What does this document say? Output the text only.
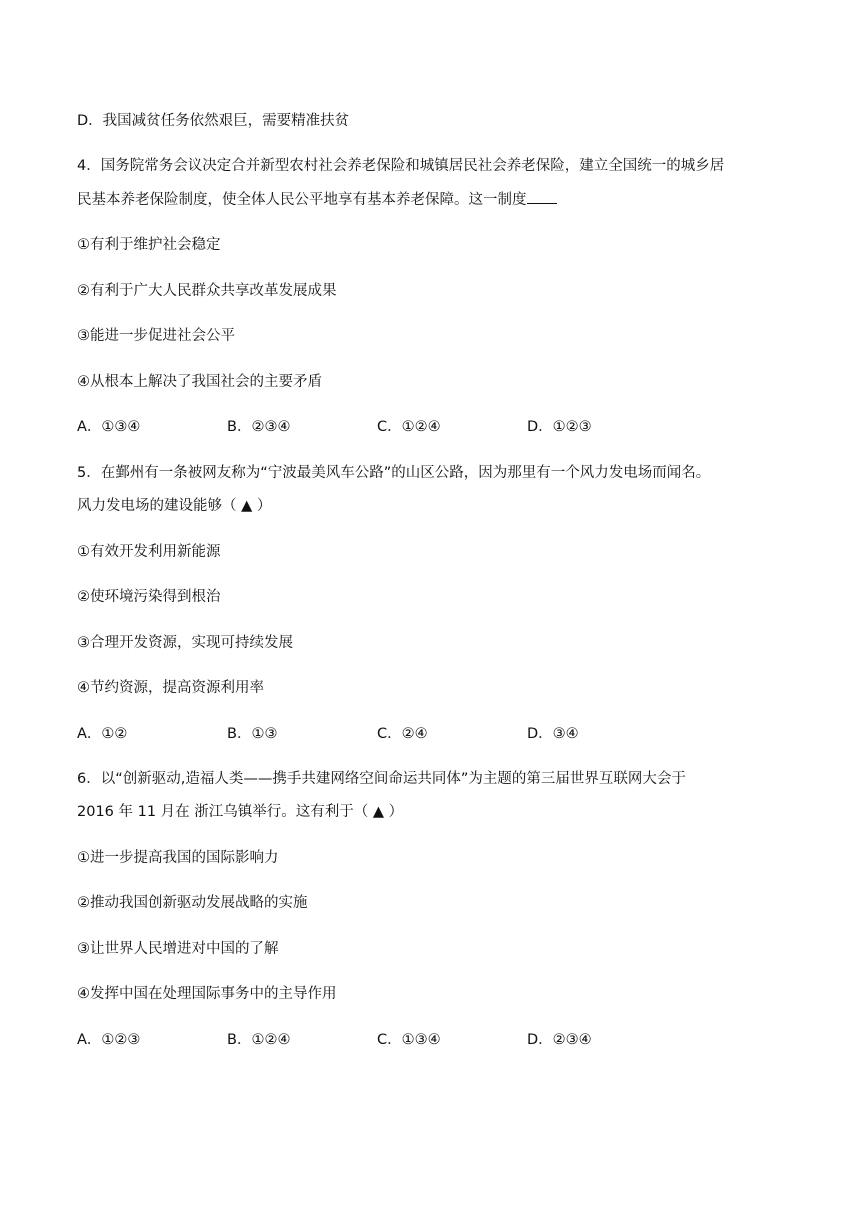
D．我国减贫任务依然艰巨，需要精准扶贫
4．国务院常务会议决定合并新型农村社会养老保险和城镇居民社会养老保险，建立全国统一的城乡居
民基本养老保险制度，使全体人民公平地享有基本养老保障。这一制度
①有利于维护社会稳定
②有利于广大人民群众共享改革发展成果
③能进一步促进社会公平
④从根本上解决了我国社会的主要矛盾
A．①③④	B．②③④	C．①②④	D．①②③
5．在鄞州有一条被网友称为“宁波最美风车公路”的山区公路，因为那里有一个风力发电场而闻名。
风力发电场的建设能够（ ▲ ）
①有效开发利用新能源
②使环境污染得到根治
③合理开发资源，实现可持续发展
④节约资源，提高资源利用率
A．①②	B．①③	C．②④	D．③④
6．以“创新驱动,造福人类——携手共建网络空间命运共同体”为主题的第三届世界互联网大会于
2016 年 11 月在 浙江乌镇举行。这有利于（ ▲ ）
①进一步提高我国的国际影响力
②推动我国创新驱动发展战略的实施
③让世界人民增进对中国的了解
④发挥中国在处理国际事务中的主导作用
A．①②③	B．①②④	C．①③④	D．②③④
